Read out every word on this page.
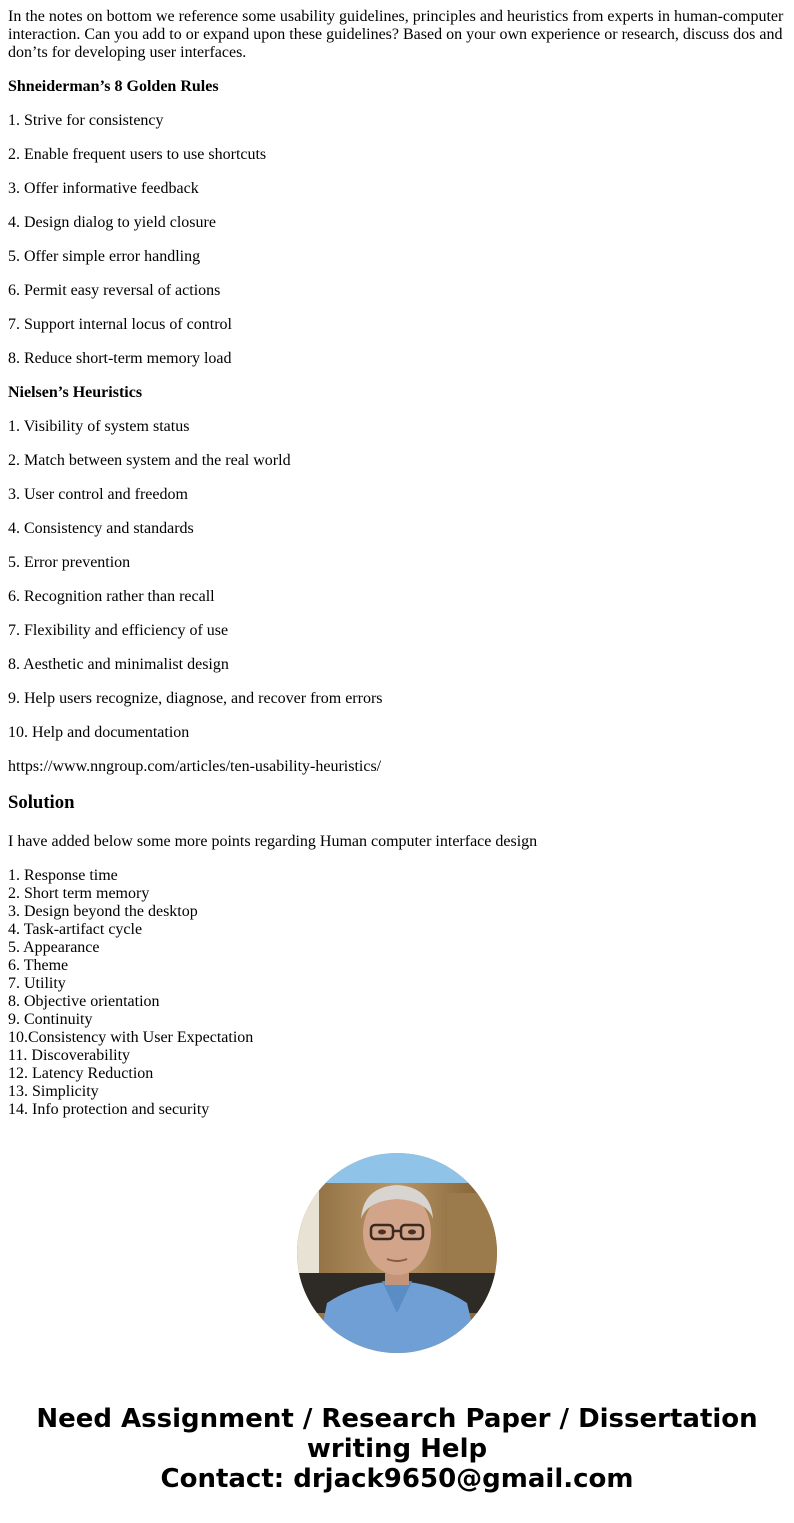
In the notes on bottom we reference some usability guidelines, principles and heuristics from experts in human-computer interaction. Can you add to or expand upon these guidelines? Based on your own experience or research, discuss dos and don’ts for developing user interfaces.

Shneiderman’s 8 Golden Rules

1. Strive for consistency

2. Enable frequent users to use shortcuts

3. Offer informative feedback

4. Design dialog to yield closure

5. Offer simple error handling

6. Permit easy reversal of actions

7. Support internal locus of control

8. Reduce short-term memory load

Nielsen’s Heuristics

1. Visibility of system status

2. Match between system and the real world

3. User control and freedom

4. Consistency and standards

5. Error prevention

6. Recognition rather than recall

7. Flexibility and efficiency of use

8. Aesthetic and minimalist design

9. Help users recognize, diagnose, and recover from errors

10. Help and documentation

https://www.nngroup.com/articles/ten-usability-heuristics/

Solution

I have added below some more points regarding Human computer interface design

1. Response time
2. Short term memory
3. Design beyond the desktop
4. Task-artifact cycle
5. Appearance
6. Theme
7. Utility
8. Objective orientation
9. Continuity
10.Consistency with User Expectation
11. Discoverability
12. Latency Reduction
13. Simplicity
14. Info protection and security
Need Assignment / Research Paper / Dissertation
writing Help
Contact: drjack9650@gmail.com
